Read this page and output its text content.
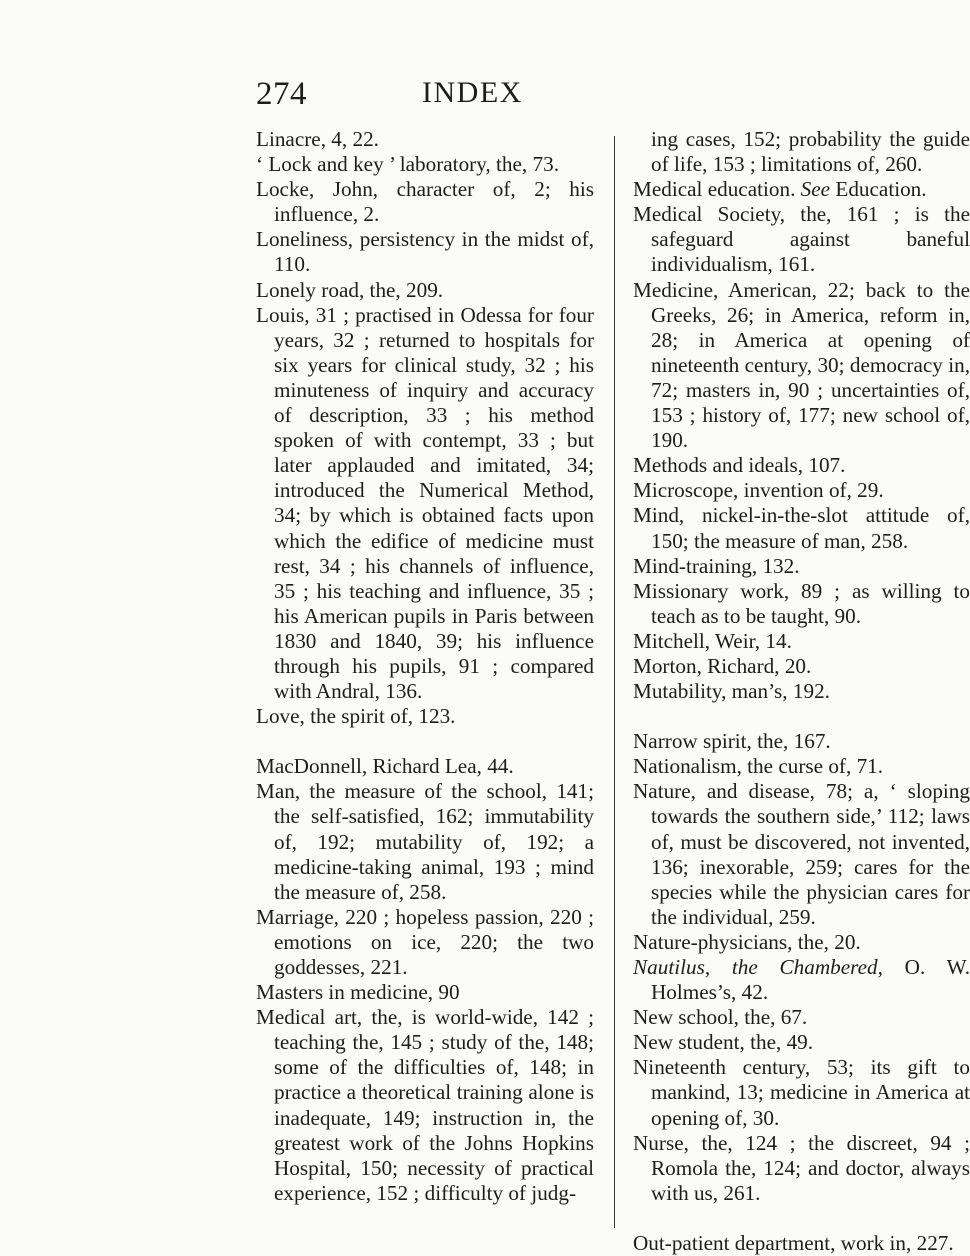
274	INDEX
Linacre, 4, 22.
‘ Lock and key ’ laboratory, the, 73.
Locke, John, character of, 2; his influence, 2.
Loneliness, persistency in the midst of, 110.
Lonely road, the, 209.
Louis, 31 ; practised in Odessa for four years, 32 ; returned to hospitals for six years for clinical study, 32 ; his minuteness of inquiry and accuracy of description, 33 ; his method spoken of with contempt, 33 ; but later applauded and imitated, 34; introduced the Numerical Method, 34; by which is obtained facts upon which the edifice of medicine must rest, 34 ; his channels of influence, 35 ; his teaching and influence, 35 ; his American pupils in Paris between 1830 and 1840, 39; his influence through his pupils, 91 ; compared with Andral, 136.
Love, the spirit of, 123.
MacDonnell, Richard Lea, 44.
Man, the measure of the school, 141; the self-satisfied, 162; immutability of, 192; mutability of, 192; a medicine-taking animal, 193 ; mind the measure of, 258.
Marriage, 220 ; hopeless passion, 220 ; emotions on ice, 220; the two goddesses, 221.
Masters in medicine, 90
Medical art, the, is world-wide, 142 ; teaching the, 145 ; study of the, 148; some of the difficulties of, 148; in practice a theoretical training alone is inadequate, 149; instruction in, the greatest work of the Johns Hopkins Hospital, 150; necessity of practical experience, 152 ; difficulty of judg-
ing cases, 152; probability the guide of life, 153 ; limitations of, 260.
Medical education. See Education.
Medical Society, the, 161 ; is the safeguard against baneful individualism, 161.
Medicine, American, 22; back to the Greeks, 26; in America, reform in, 28; in America at opening of nineteenth century, 30; democracy in, 72; masters in, 90 ; uncertainties of, 153 ; history of, 177; new school of, 190.
Methods and ideals, 107.
Microscope, invention of, 29.
Mind, nickel-in-the-slot attitude of, 150; the measure of man, 258.
Mind-training, 132.
Missionary work, 89 ; as willing to teach as to be taught, 90.
Mitchell, Weir, 14.
Morton, Richard, 20.
Mutability, man’s, 192.
Narrow spirit, the, 167.
Nationalism, the curse of, 71.
Nature, and disease, 78; a, ‘ sloping towards the southern side,’ 112; laws of, must be discovered, not invented, 136; inexorable, 259; cares for the species while the physician cares for the individual, 259.
Nature-physicians, the, 20.
Nautilus, the Chambered, O. W. Holmes’s, 42.
New school, the, 67.
New student, the, 49.
Nineteenth century, 53; its gift to mankind, 13; medicine in America at opening of, 30.
Nurse, the, 124 ; the discreet, 94 ; Romola the, 124; and doctor, always with us, 261.
Out-patient department, work in, 227.
